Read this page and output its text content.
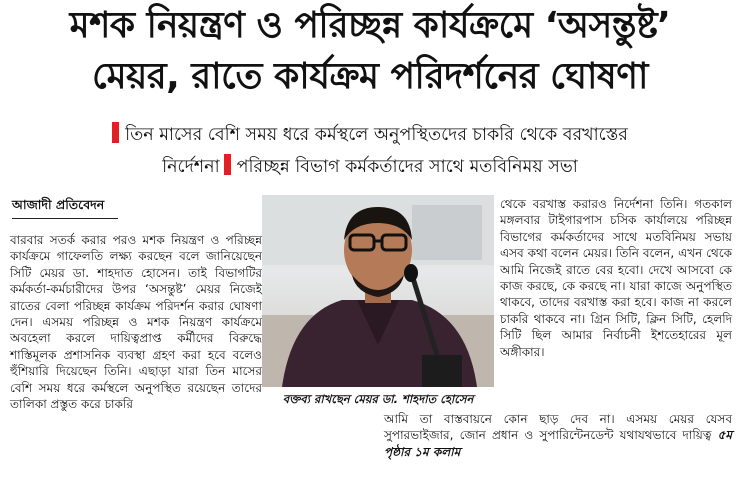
মশক নিয়ন্ত্রণ ও পরিচ্ছন্ন কার্যক্রমে ‘অসন্তুষ্ট’
মেয়র, রাতে কার্যক্রম পরিদর্শনের ঘোষণা
তিন মাসের বেশি সময় ধরে কর্মস্থলে অনুপস্থিতদের চাকরি থেকে বরখাস্তের
নির্দেশনা পরিচ্ছন্ন বিভাগ কর্মকর্তাদের সাথে মতবিনিময় সভা
আজাদী প্রতিবেদন

বারবার সতর্ক করার পরও মশক নিয়ন্ত্রণ ও পরিচ্ছন্ন কার্যক্রমে গাফেলতি লক্ষ্য করছেন বলে জানিয়েছেন সিটি মেয়র ডা. শাহদাত হোসেন। তাই বিভাগটির কর্মকর্তা-কর্মচারীদের উপর ‘অসন্তুষ্ট’ মেয়র নিজেই রাতের বেলা পরিচ্ছন্ন কার্যক্রম পরিদর্শন করার ঘোষণা দেন। এসময় পরিচ্ছন্ন ও মশক নিয়ন্ত্রণ কার্যক্রমে অবহেলা করলে দায়িত্বপ্রাপ্ত কর্মীদের বিরুদ্ধে শাস্তিমূলক প্রশাসনিক ব্যবস্থা গ্রহণ করা হবে বলেও হুঁশিয়ারি দিয়েছেন তিনি। এছাড়া যারা তিন মাসের বেশি সময় ধরে কর্মস্থলে অনুপস্থিত রয়েছেন তাদের তালিকা প্রস্তুত করে চাকরি	বক্তব্য রাখছেন মেয়র ডা. শাহদাত হোসেন

থেকে বরখাস্ত করারও নির্দেশনা তিনি। গতকাল মঙ্গলবার টাইগারপাস চসিক কার্যালয়ে পরিচ্ছন্ন বিভাগের কর্মকর্তাদের সাথে মতবিনিময় সভায় এসব কথা বলেন মেয়র। তিনি বলেন, এখন থেকে আমি নিজেই রাতে বের হবো। দেখে আসবো কে কাজ করছে, কে করছে না। যারা কাজে অনুপস্থিত থাকবে, তাদের বরখাস্ত করা হবে। কাজ না করলে চাকরি থাকবে না। গ্রিন সিটি, ক্লিন সিটি, হেলদি সিটি ছিল আমার নির্বাচনী ইশতেহারের মূল অঙ্গীকার।

আমি তা বাস্তবায়নে কোন ছাড় দেব না। এসময় মেয়র যেসব সুপারভাইজার, জোন প্রধান ও সুপারিন্টেনডেন্ট যথাযথভাবে দায়িত্ব ৫ম পৃষ্ঠার ১ম কলাম
